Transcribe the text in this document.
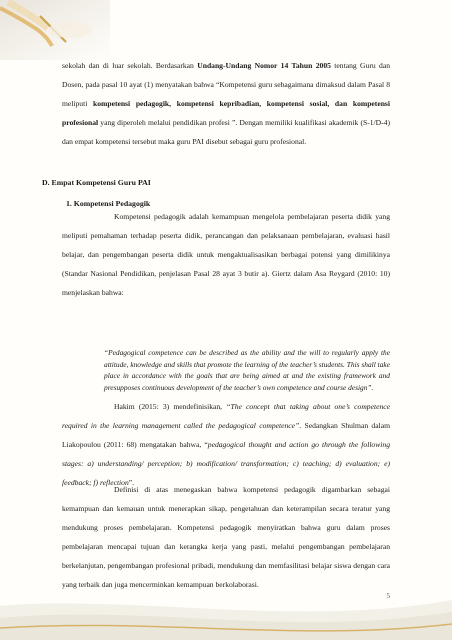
sekolah dan di luar sekolah. Berdasarkan Undang-Undang Nomor 14 Tahun 2005 tentang Guru dan Dosen, pada pasal 10 ayat (1) menyatakan bahwa “Kompetensi guru sebagaimana dimaksud dalam Pasal 8 meliputi kompetensi pedagogik, kompetensi kepribadian, kompetensi sosial, dan kompetensi profesional yang diperoleh melalui pendidikan profesi ”. Dengan memiliki kualifikasi akademik (S-1/D-4) dan empat kompetensi tersebut maka guru PAI disebut sebagai guru profesional.

D. Empat Kompetensi Guru PAI
1. Kompetensi Pedagogik

Kompetensi pedagogik adalah kemampuan mengelola pembelajaran peserta didik yang meliputi pemahaman terhadap peserta didik, perancangan dan pelaksanaan pembelajaran, evaluasi hasil belajar, dan pengembangan peserta didik untuk mengaktualisasikan berbagai potensi yang dimilikinya (Standar Nasional Pendidikan, penjelasan Pasal 28 ayat 3 butir a). Giertz dalam Asa Reygard (2010: 10) menjelaskan bahwa:

“Pedagogical competence can be described as the ability and the will to regularly apply the attitude, knowledge and skills that promote the learning of the teacher’s students. This shall take place in accordance with the goals that are being aimed at and the existing framework and presupposes continuous development of the teacher’s own competence and course design”.

Hakim (2015: 3) mendefinisikan, “The concept that taking about one’s competence required in the learning management called the pedagogical competence”. Sedangkan Shulman dalam Liakopoulou (2011: 68) mengatakan bahwa, “pedagogical thought and action go through the following stages: a) understanding/ perception; b) modification/ transformation; c) teaching; d) evaluation; e) feedback; f) reflection”.

Definisi di atas menegaskan bahwa kompetensi pedagogik digambarkan sebagai kemampuan dan kemauan untuk menerapkan sikap, pengetahuan dan keterampilan secara teratur yang mendukung proses pembelajaran. Kompetensi pedagogik menyiratkan bahwa guru dalam proses pembelajaran mencapai tujuan dan kerangka kerja yang pasti, melalui pengembangan pembelajaran berkelanjutan, pengembangan profesional pribadi, mendukung dan memfasilitasi belajar siswa dengan cara yang terbaik dan juga mencerminkan kemampuan berkolaborasi.

5
